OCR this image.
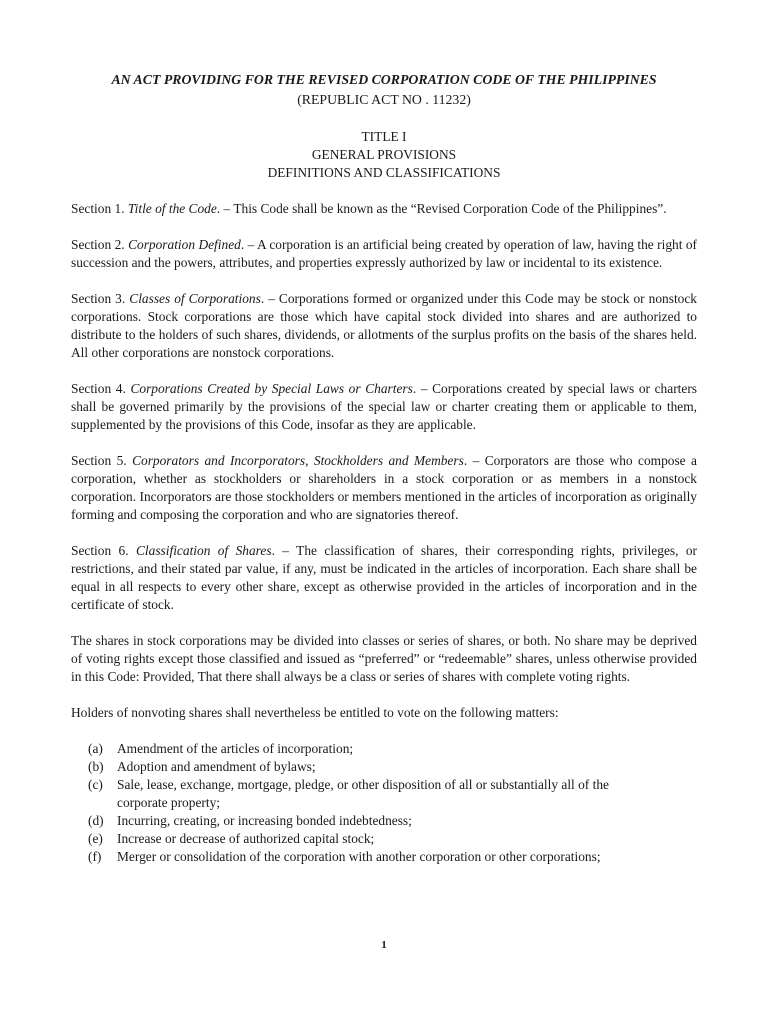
AN ACT PROVIDING FOR THE REVISED CORPORATION CODE OF THE PHILIPPINES

(REPUBLIC ACT NO . 11232)

TITLE I

GENERAL PROVISIONS

DEFINITIONS AND CLASSIFICATIONS

Section 1. Title of the Code. – This Code shall be known as the “Revised Corporation Code of the Philippines”.

Section 2. Corporation Defined. – A corporation is an artificial being created by operation of law, having the right of succession and the powers, attributes, and properties expressly authorized by law or incidental to its existence.

Section 3. Classes of Corporations. – Corporations formed or organized under this Code may be stock or nonstock corporations. Stock corporations are those which have capital stock divided into shares and are authorized to distribute to the holders of such shares, dividends, or allotments of the surplus profits on the basis of the shares held. All other corporations are nonstock corporations.

Section 4. Corporations Created by Special Laws or Charters. – Corporations created by special laws or charters shall be governed primarily by the provisions of the special law or charter creating them or applicable to them, supplemented by the provisions of this Code, insofar as they are applicable.

Section 5. Corporators and Incorporators, Stockholders and Members. – Corporators are those who compose a corporation, whether as stockholders or shareholders in a stock corporation or as members in a nonstock corporation. Incorporators are those stockholders or members mentioned in the articles of incorporation as originally forming and composing the corporation and who are signatories thereof.

Section 6. Classification of Shares. – The classification of shares, their corresponding rights, privileges, or restrictions, and their stated par value, if any, must be indicated in the articles of incorporation. Each share shall be equal in all respects to every other share, except as otherwise provided in the articles of incorporation and in the certificate of stock.

The shares in stock corporations may be divided into classes or series of shares, or both. No share may be deprived of voting rights except those classified and issued as “preferred” or “redeemable” shares, unless otherwise provided in this Code: Provided, That there shall always be a class or series of shares with complete voting rights.

Holders of nonvoting shares shall nevertheless be entitled to vote on the following matters:

(a)	Amendment of the articles of incorporation;
(b) Adoption and amendment of bylaws;
(c)	Sale, lease, exchange, mortgage, pledge, or other disposition of all or substantially all of the corporate property;
(d) Incurring, creating, or increasing bonded indebtedness;
(e)	Increase or decrease of authorized capital stock;
(f)	Merger or consolidation of the corporation with another corporation or other corporations;
1
